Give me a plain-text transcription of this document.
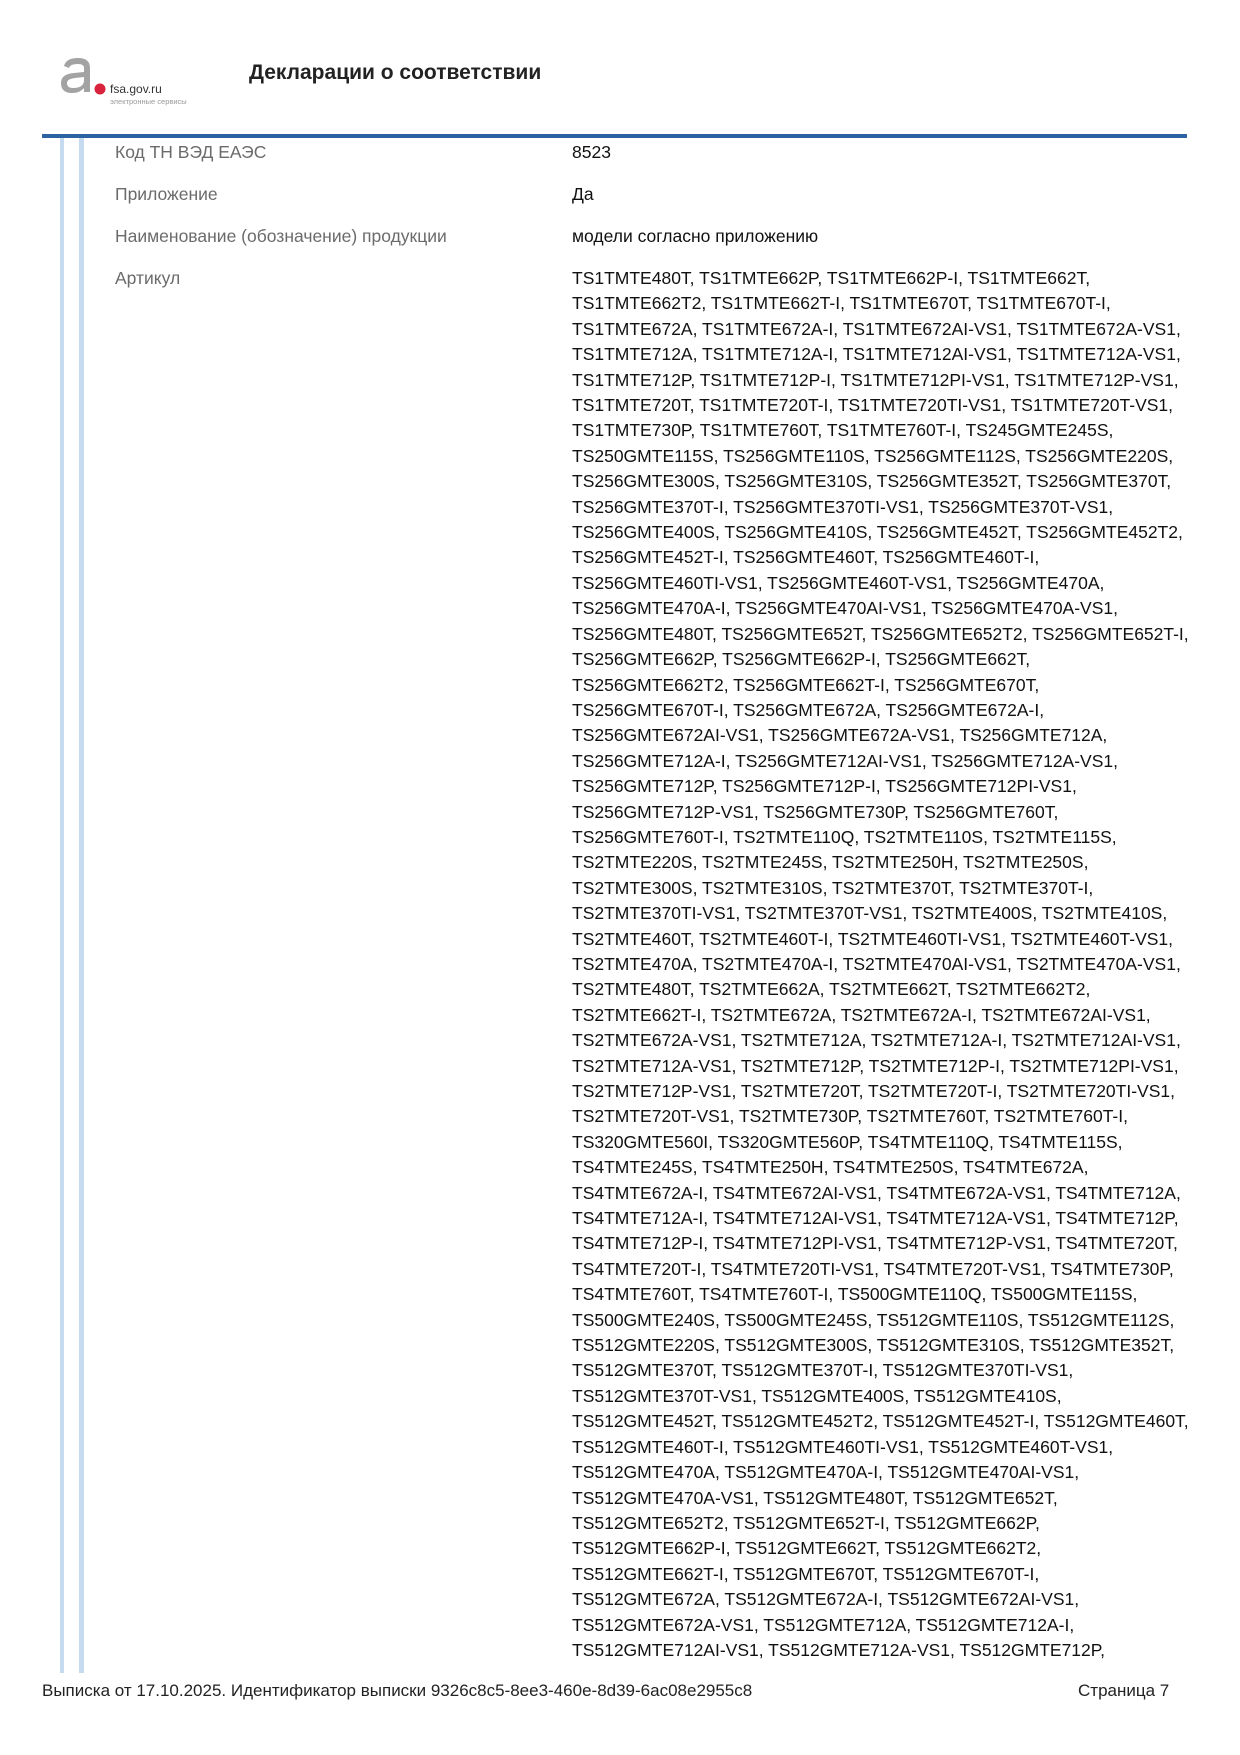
fsa.gov.ru
электронные сервисы
Декларации о соответствии
Код ТН ВЭД ЕАЭС	8523
Приложение	Да
Наименование (обозначение) продукции	модели согласно приложению
Артикул	TS1TMTE480T, TS1TMTE662P, TS1TMTE662P-I, TS1TMTE662T,
TS1TMTE662T2, TS1TMTE662T-I, TS1TMTE670T, TS1TMTE670T-I,
TS1TMTE672A, TS1TMTE672A-I, TS1TMTE672AI-VS1, TS1TMTE672A-VS1,
TS1TMTE712A, TS1TMTE712A-I, TS1TMTE712AI-VS1, TS1TMTE712A-VS1,
TS1TMTE712P, TS1TMTE712P-I, TS1TMTE712PI-VS1, TS1TMTE712P-VS1,
TS1TMTE720T, TS1TMTE720T-I, TS1TMTE720TI-VS1, TS1TMTE720T-VS1,
TS1TMTE730P, TS1TMTE760T, TS1TMTE760T-I, TS245GMTE245S,
TS250GMTE115S, TS256GMTE110S, TS256GMTE112S, TS256GMTE220S,
TS256GMTE300S, TS256GMTE310S, TS256GMTE352T, TS256GMTE370T,
TS256GMTE370T-I, TS256GMTE370TI-VS1, TS256GMTE370T-VS1,
TS256GMTE400S, TS256GMTE410S, TS256GMTE452T, TS256GMTE452T2,
TS256GMTE452T-I, TS256GMTE460T, TS256GMTE460T-I,
TS256GMTE460TI-VS1, TS256GMTE460T-VS1, TS256GMTE470A,
TS256GMTE470A-I, TS256GMTE470AI-VS1, TS256GMTE470A-VS1,
TS256GMTE480T, TS256GMTE652T, TS256GMTE652T2, TS256GMTE652T-I,
TS256GMTE662P, TS256GMTE662P-I, TS256GMTE662T,
TS256GMTE662T2, TS256GMTE662T-I, TS256GMTE670T,
TS256GMTE670T-I, TS256GMTE672A, TS256GMTE672A-I,
TS256GMTE672AI-VS1, TS256GMTE672A-VS1, TS256GMTE712A,
TS256GMTE712A-I, TS256GMTE712AI-VS1, TS256GMTE712A-VS1,
TS256GMTE712P, TS256GMTE712P-I, TS256GMTE712PI-VS1,
TS256GMTE712P-VS1, TS256GMTE730P, TS256GMTE760T,
TS256GMTE760T-I, TS2TMTE110Q, TS2TMTE110S, TS2TMTE115S,
TS2TMTE220S, TS2TMTE245S, TS2TMTE250H, TS2TMTE250S,
TS2TMTE300S, TS2TMTE310S, TS2TMTE370T, TS2TMTE370T-I,
TS2TMTE370TI-VS1, TS2TMTE370T-VS1, TS2TMTE400S, TS2TMTE410S,
TS2TMTE460T, TS2TMTE460T-I, TS2TMTE460TI-VS1, TS2TMTE460T-VS1,
TS2TMTE470A, TS2TMTE470A-I, TS2TMTE470AI-VS1, TS2TMTE470A-VS1,
TS2TMTE480T, TS2TMTE662A, TS2TMTE662T, TS2TMTE662T2,
TS2TMTE662T-I, TS2TMTE672A, TS2TMTE672A-I, TS2TMTE672AI-VS1,
TS2TMTE672A-VS1, TS2TMTE712A, TS2TMTE712A-I, TS2TMTE712AI-VS1,
TS2TMTE712A-VS1, TS2TMTE712P, TS2TMTE712P-I, TS2TMTE712PI-VS1,
TS2TMTE712P-VS1, TS2TMTE720T, TS2TMTE720T-I, TS2TMTE720TI-VS1,
TS2TMTE720T-VS1, TS2TMTE730P, TS2TMTE760T, TS2TMTE760T-I,
TS320GMTE560I, TS320GMTE560P, TS4TMTE110Q, TS4TMTE115S,
TS4TMTE245S, TS4TMTE250H, TS4TMTE250S, TS4TMTE672A,
TS4TMTE672A-I, TS4TMTE672AI-VS1, TS4TMTE672A-VS1, TS4TMTE712A,
TS4TMTE712A-I, TS4TMTE712AI-VS1, TS4TMTE712A-VS1, TS4TMTE712P,
TS4TMTE712P-I, TS4TMTE712PI-VS1, TS4TMTE712P-VS1, TS4TMTE720T,
TS4TMTE720T-I, TS4TMTE720TI-VS1, TS4TMTE720T-VS1, TS4TMTE730P,
TS4TMTE760T, TS4TMTE760T-I, TS500GMTE110Q, TS500GMTE115S,
TS500GMTE240S, TS500GMTE245S, TS512GMTE110S, TS512GMTE112S,
TS512GMTE220S, TS512GMTE300S, TS512GMTE310S, TS512GMTE352T,
TS512GMTE370T, TS512GMTE370T-I, TS512GMTE370TI-VS1,
TS512GMTE370T-VS1, TS512GMTE400S, TS512GMTE410S,
TS512GMTE452T, TS512GMTE452T2, TS512GMTE452T-I, TS512GMTE460T,
TS512GMTE460T-I, TS512GMTE460TI-VS1, TS512GMTE460T-VS1,
TS512GMTE470A, TS512GMTE470A-I, TS512GMTE470AI-VS1,
TS512GMTE470A-VS1, TS512GMTE480T, TS512GMTE652T,
TS512GMTE652T2, TS512GMTE652T-I, TS512GMTE662P,
TS512GMTE662P-I, TS512GMTE662T, TS512GMTE662T2,
TS512GMTE662T-I, TS512GMTE670T, TS512GMTE670T-I,
TS512GMTE672A, TS512GMTE672A-I, TS512GMTE672AI-VS1,
TS512GMTE672A-VS1, TS512GMTE712A, TS512GMTE712A-I,
TS512GMTE712AI-VS1, TS512GMTE712A-VS1, TS512GMTE712P,
Выписка от 17.10.2025. Идентификатор выписки 9326c8c5-8ee3-460e-8d39-6ac08e2955c8	Страница 7
